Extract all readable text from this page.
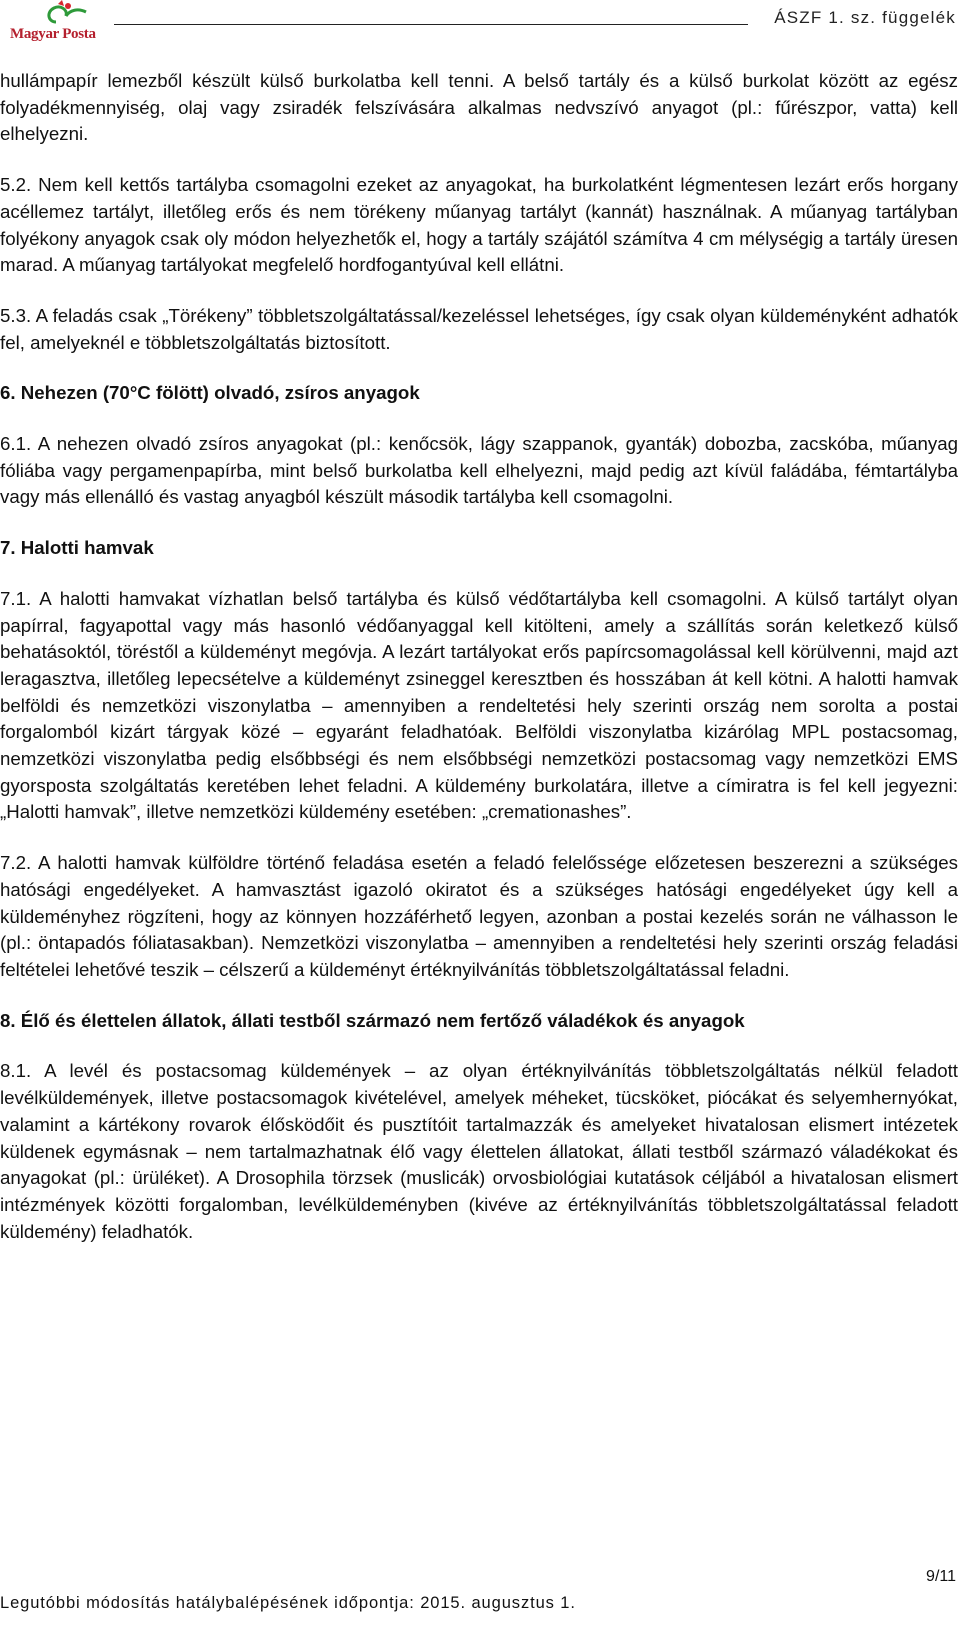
Magyar Posta
ÁSZF 1. sz. függelék

hullámpapír lemezből készült külső burkolatba kell tenni. A belső tartály és a külső burkolat között az egész folyadékmennyiség, olaj vagy zsiradék felszívására alkalmas nedvszívó anyagot (pl.: fűrészpor, vatta) kell elhelyezni.

5.2. Nem kell kettős tartályba csomagolni ezeket az anyagokat, ha burkolatként légmentesen lezárt erős horgany acéllemez tartályt, illetőleg erős és nem törékeny műanyag tartályt (kannát) használnak. A műanyag tartályban folyékony anyagok csak oly módon helyezhetők el, hogy a tartály szájától számítva 4 cm mélységig a tartály üresen marad. A műanyag tartályokat megfelelő hordfogantyúval kell ellátni.

5.3. A feladás csak „Törékeny” többletszolgáltatással/kezeléssel lehetséges, így csak olyan küldeményként adhatók fel, amelyeknél e többletszolgáltatás biztosított.

6. Nehezen (70°C fölött) olvadó, zsíros anyagok

6.1. A nehezen olvadó zsíros anyagokat (pl.: kenőcsök, lágy szappanok, gyanták) dobozba, zacskóba, műanyag fóliába vagy pergamenpapírba, mint belső burkolatba kell elhelyezni, majd pedig azt kívül faládába, fémtartályba vagy más ellenálló és vastag anyagból készült második tartályba kell csomagolni.

7. Halotti hamvak

7.1. A halotti hamvakat vízhatlan belső tartályba és külső védőtartályba kell csomagolni. A külső tartályt olyan papírral, fagyapottal vagy más hasonló védőanyaggal kell kitölteni, amely a szállítás során keletkező külső behatásoktól, töréstől a küldeményt megóvja. A lezárt tartályokat erős papírcsomagolással kell körülvenni, majd azt leragasztva, illetőleg lepecsételve a küldeményt zsineggel keresztben és hosszában át kell kötni. A halotti hamvak belföldi és nemzetközi viszonylatba – amennyiben a rendeltetési hely szerinti ország nem sorolta a postai forgalomból kizárt tárgyak közé – egyaránt feladhatóak. Belföldi viszonylatba kizárólag MPL postacsomag, nemzetközi viszonylatba pedig elsőbbségi és nem elsőbbségi nemzetközi postacsomag vagy nemzetközi EMS gyorsposta szolgáltatás keretében lehet feladni. A küldemény burkolatára, illetve a címiratra is fel kell jegyezni: „Halotti hamvak”, illetve nemzetközi küldemény esetében: „cremationashes”.

7.2. A halotti hamvak külföldre történő feladása esetén a feladó felelőssége előzetesen beszerezni a szükséges hatósági engedélyeket. A hamvasztást igazoló okiratot és a szükséges hatósági engedélyeket úgy kell a küldeményhez rögzíteni, hogy az könnyen hozzáférhető legyen, azonban a postai kezelés során ne válhasson le (pl.: öntapadós fóliatasakban). Nemzetközi viszonylatba – amennyiben a rendeltetési hely szerinti ország feladási feltételei lehetővé teszik – célszerű a küldeményt értéknyilvánítás többletszolgáltatással feladni.

8. Élő és élettelen állatok, állati testből származó nem fertőző váladékok és anyagok

8.1. A levél és postacsomag küldemények – az olyan értéknyilvánítás többletszolgáltatás nélkül feladott levélküldemények, illetve postacsomagok kivételével, amelyek méheket, tücsköket, piócákat és selyemhernyókat, valamint a kártékony rovarok élősködőit és pusztítóit tartalmazzák és amelyeket hivatalosan elismert intézetek küldenek egymásnak – nem tartalmazhatnak élő vagy élettelen állatokat, állati testből származó váladékokat és anyagokat (pl.: ürüléket). A Drosophila törzsek (muslicák) orvosbiológiai kutatások céljából a hivatalosan elismert intézmények közötti forgalomban, levélküldeményben (kivéve az értéknyilvánítás többletszolgáltatással feladott küldemény) feladhatók.

9/11
Legutóbbi módosítás hatálybalépésének időpontja: 2015. augusztus 1.
